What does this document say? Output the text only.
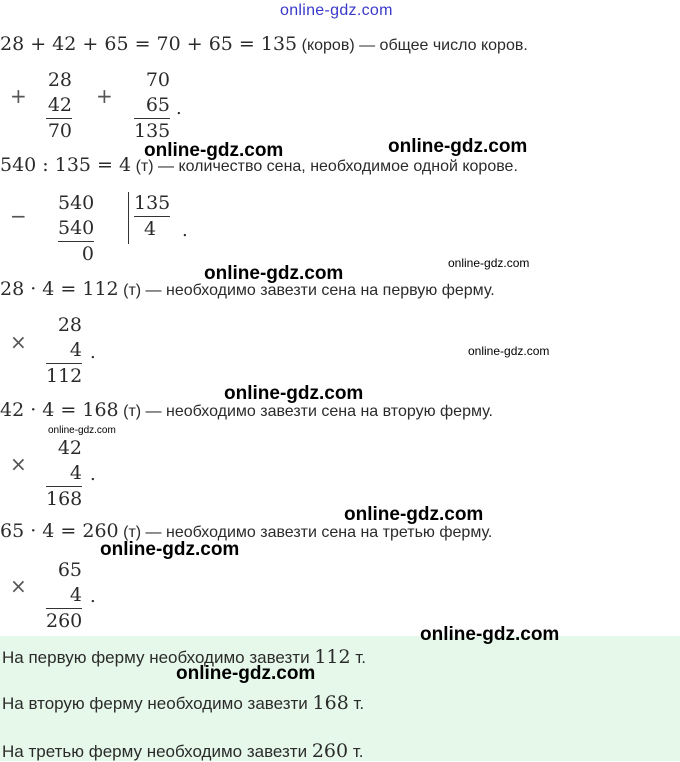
online-gdz.com
28 + 42 + 65 = 70 + 65 = 135 (коров) — общее число коров.
+
28
42
70
+
70
65
135
.
online-gdz.com	online-gdz.com
540 : 135 = 4 (т) — количество сена, необходимое одной корове.
−
540
540
0
135
4	.
online-gdz.com	online-gdz.com
28 · 4 = 112 (т) — необходимо завезти сена на первую ферму.
×
28
4
112
.	online-gdz.com
online-gdz.com
42 · 4 = 168 (т) — необходимо завезти сена на вторую ферму.
online-gdz.com
×
42
4
168
.
online-gdz.com
65 · 4 = 260 (т) — необходимо завезти сена на третью ферму.
online-gdz.com
×
65
4
260
.
На первую ферму необходимо завезти 112 т.
На вторую ферму необходимо завезти 168 т.
На третью ферму необходимо завезти 260 т.
online-gdz.com
online-gdz.com
